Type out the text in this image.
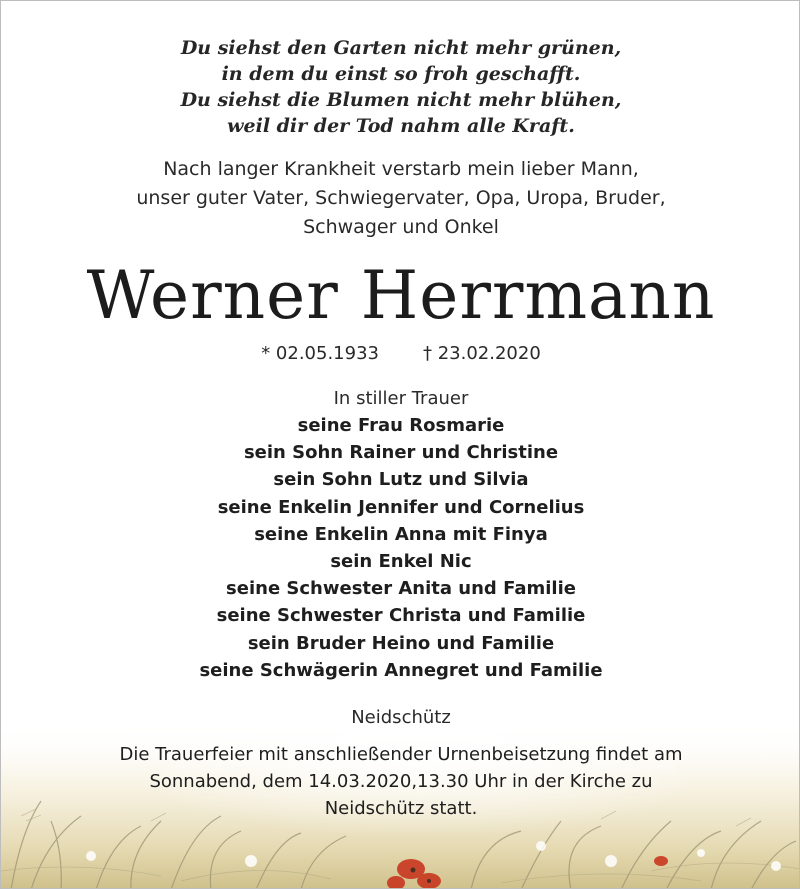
Du siehst den Garten nicht mehr grünen,
in dem du einst so froh geschafft.
Du siehst die Blumen nicht mehr blühen,
weil dir der Tod nahm alle Kraft.
Nach langer Krankheit verstarb mein lieber Mann,
unser guter Vater, Schwiegervater, Opa, Uropa, Bruder,
Schwager und Onkel
Werner Herrmann
* 02.05.1933 † 23.02.2020
In stiller Trauer
seine Frau Rosmarie
sein Sohn Rainer und Christine
sein Sohn Lutz und Silvia
seine Enkelin Jennifer und Cornelius
seine Enkelin Anna mit Finya
sein Enkel Nic
seine Schwester Anita und Familie
seine Schwester Christa und Familie
sein Bruder Heino und Familie
seine Schwägerin Annegret und Familie
Neidschütz
Die Trauerfeier mit anschließender Urnenbeisetzung findet am
Sonnabend, dem 14.03.2020,13.30 Uhr in der Kirche zu
Neidschütz statt.
